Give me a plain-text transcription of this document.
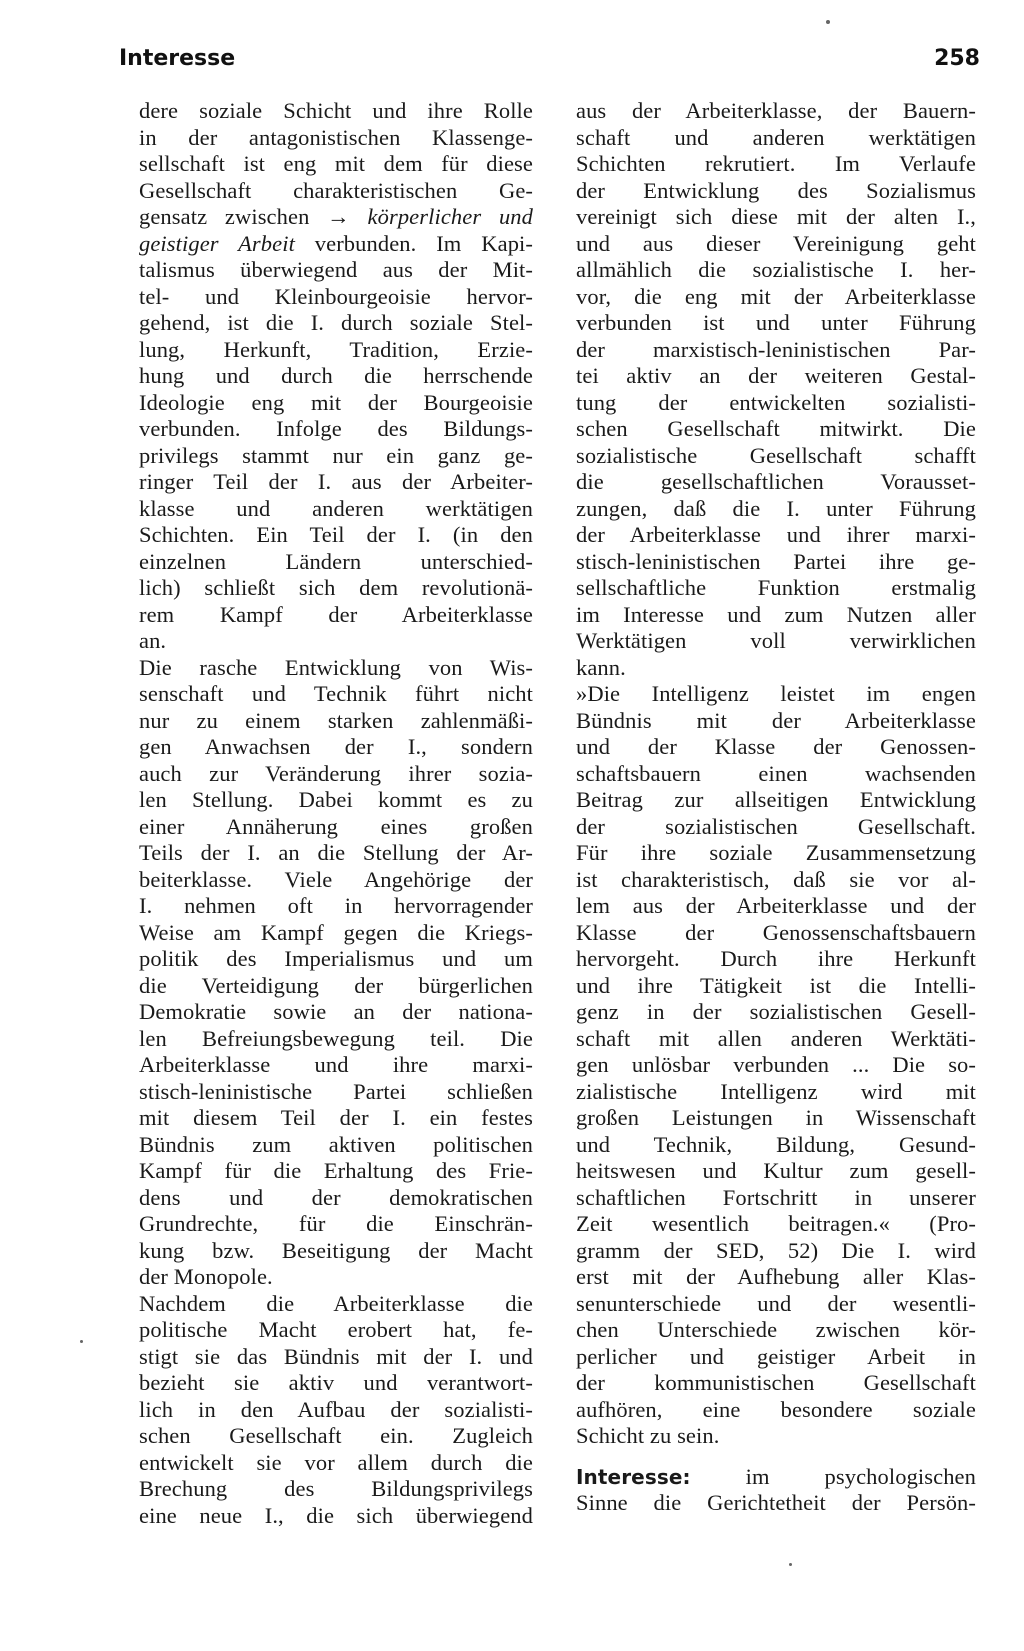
Interesse	258
dere soziale Schicht und ihre Rolle
in der antagonistischen Klassenge-
sellschaft ist eng mit dem für diese
Gesellschaft charakteristischen Ge-
gensatz zwischen → körperlicher und
geistiger Arbeit verbunden. Im Kapi-
talismus überwiegend aus der Mit-
tel- und Kleinbourgeoisie hervor-
gehend, ist die I. durch soziale Stel-
lung, Herkunft, Tradition, Erzie-
hung und durch die herrschende
Ideologie eng mit der Bourgeoisie
verbunden. Infolge des Bildungs-
privilegs stammt nur ein ganz ge-
ringer Teil der I. aus der Arbeiter-
klasse und anderen werktätigen
Schichten. Ein Teil der I. (in den
einzelnen Ländern unterschied-
lich) schließt sich dem revolutionä-
rem Kampf der Arbeiterklasse
an.
Die rasche Entwicklung von Wis-
senschaft und Technik führt nicht
nur zu einem starken zahlenmäßi-
gen Anwachsen der I., sondern
auch zur Veränderung ihrer sozia-
len Stellung. Dabei kommt es zu
einer Annäherung eines großen
Teils der I. an die Stellung der Ar-
beiterklasse. Viele Angehörige der
I. nehmen oft in hervorragender
Weise am Kampf gegen die Kriegs-
politik des Imperialismus und um
die Verteidigung der bürgerlichen
Demokratie sowie an der nationa-
len Befreiungsbewegung teil. Die
Arbeiterklasse und ihre marxi-
stisch-leninistische Partei schließen
mit diesem Teil der I. ein festes
Bündnis zum aktiven politischen
Kampf für die Erhaltung des Frie-
dens und der demokratischen
Grundrechte, für die Einschrän-
kung bzw. Beseitigung der Macht
der Monopole.
Nachdem die Arbeiterklasse die
politische Macht erobert hat, fe-
stigt sie das Bündnis mit der I. und
bezieht sie aktiv und verantwort-
lich in den Aufbau der sozialisti-
schen Gesellschaft ein. Zugleich
entwickelt sie vor allem durch die
Brechung des Bildungsprivilegs
eine neue I., die sich überwiegend
aus der Arbeiterklasse, der Bauern-
schaft und anderen werktätigen
Schichten rekrutiert. Im Verlaufe
der Entwicklung des Sozialismus
vereinigt sich diese mit der alten I.,
und aus dieser Vereinigung geht
allmählich die sozialistische I. her-
vor, die eng mit der Arbeiterklasse
verbunden ist und unter Führung
der marxistisch-leninistischen Par-
tei aktiv an der weiteren Gestal-
tung der entwickelten sozialisti-
schen Gesellschaft mitwirkt. Die
sozialistische Gesellschaft schafft
die gesellschaftlichen Vorausset-
zungen, daß die I. unter Führung
der Arbeiterklasse und ihrer marxi-
stisch-leninistischen Partei ihre ge-
sellschaftliche Funktion erstmalig
im Interesse und zum Nutzen aller
Werktätigen voll verwirklichen
kann.
»Die Intelligenz leistet im engen
Bündnis mit der Arbeiterklasse
und der Klasse der Genossen-
schaftsbauern einen wachsenden
Beitrag zur allseitigen Entwicklung
der sozialistischen Gesellschaft.
Für ihre soziale Zusammensetzung
ist charakteristisch, daß sie vor al-
lem aus der Arbeiterklasse und der
Klasse der Genossenschaftsbauern
hervorgeht. Durch ihre Herkunft
und ihre Tätigkeit ist die Intelli-
genz in der sozialistischen Gesell-
schaft mit allen anderen Werktäti-
gen unlösbar verbunden ... Die so-
zialistische Intelligenz wird mit
großen Leistungen in Wissenschaft
und Technik, Bildung, Gesund-
heitswesen und Kultur zum gesell-
schaftlichen Fortschritt in unserer
Zeit wesentlich beitragen.« (Pro-
gramm der SED, 52) Die I. wird
erst mit der Aufhebung aller Klas-
senunterschiede und der wesentli-
chen Unterschiede zwischen kör-
perlicher und geistiger Arbeit in
der kommunistischen Gesellschaft
aufhören, eine besondere soziale
Schicht zu sein.
Interesse: im psychologischen
Sinne die Gerichtetheit der Persön-
